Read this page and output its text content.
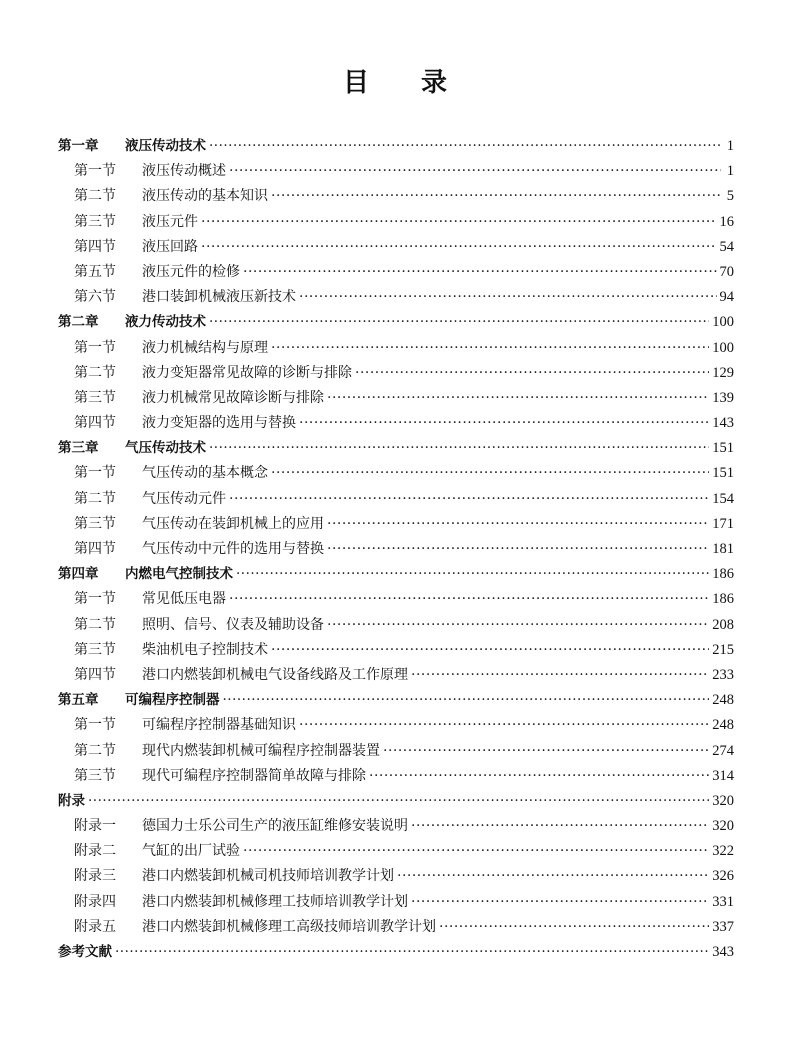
目 录
第一章	液压传动技术 ·····	1
第一节	液压传动概述 ·····	1
第二节	液压传动的基本知识 ·····	5
第三节	液压元件 ·····	16
第四节	液压回路 ·····	54
第五节	液压元件的检修 ·····	70
第六节	港口装卸机械液压新技术 ·····	94
第二章	液力传动技术 ·····	100
第一节	液力机械结构与原理 ·····	100
第二节	液力变矩器常见故障的诊断与排除 ·····	129
第三节	液力机械常见故障诊断与排除 ·····	139
第四节	液力变矩器的选用与替换 ·····	143
第三章	气压传动技术 ·····	151
第一节	气压传动的基本概念 ·····	151
第二节	气压传动元件 ·····	154
第三节	气压传动在装卸机械上的应用 ·····	171
第四节	气压传动中元件的选用与替换 ·····	181
第四章	内燃电气控制技术 ·····	186
第一节	常见低压电器 ·····	186
第二节	照明、信号、仪表及辅助设备 ·····	208
第三节	柴油机电子控制技术 ·····	215
第四节	港口内燃装卸机械电气设备线路及工作原理 ·····	233
第五章	可编程序控制器 ·····	248
第一节	可编程序控制器基础知识 ·····	248
第二节	现代内燃装卸机械可编程序控制器装置 ·····	274
第三节	现代可编程序控制器简单故障与排除 ·····	314
附录 ·····	320
附录一	德国力士乐公司生产的液压缸维修安装说明 ·····	320
附录二	气缸的出厂试验 ·····	322
附录三	港口内燃装卸机械司机技师培训教学计划 ·····	326
附录四	港口内燃装卸机械修理工技师培训教学计划 ·····	331
附录五	港口内燃装卸机械修理工高级技师培训教学计划 ·····	337
参考文献 ·····	343
